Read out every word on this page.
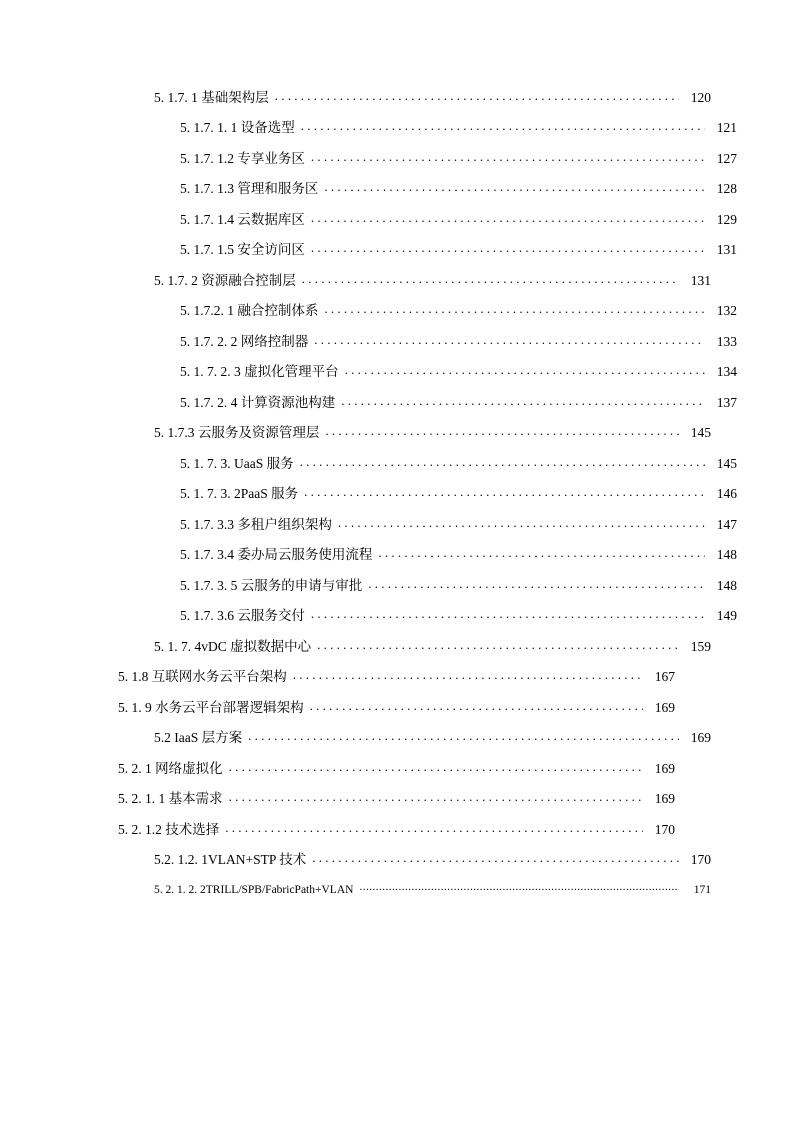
5. 1.7. 1 基础架构层 . . .	120
5. 1.7. 1. 1 设备选型 . . .	121
5. 1.7. 1.2 专享业务区 . . .	127
5. 1.7. 1.3 管理和服务区 . . .	128
5. 1.7. 1.4 云数据库区 . . .	129
5. 1.7. 1.5 安全访问区 . . .	131
5. 1.7. 2 资源融合控制层 . . .	131
5. 1.7.2. 1 融合控制体系 . . .	132
5. 1.7. 2. 2 网络控制器 . . .	133
5. 1. 7. 2. 3 虚拟化管理平台 . . .	134
5. 1.7. 2. 4 计算资源池构建 . . .	137
5. 1.7.3 云服务及资源管理层 . . .	145
5. 1. 7. 3. UaaS 服务 . . .	145
5. 1. 7. 3. 2PaaS 服务 . . .	146
5. 1.7. 3.3 多租户组织架构 . . .	147
5. 1.7. 3.4 委办局云服务使用流程 . . .	148
5. 1.7. 3. 5 云服务的申请与审批 . . .	148
5. 1.7. 3.6 云服务交付 . . .	149
5. 1. 7. 4vDC 虚拟数据中心 . . .	159
5. 1.8 互联网水务云平台架构 . . .	167
5. 1. 9 水务云平台部署逻辑架构 . . .	169
5.2 IaaS 层方案 . . .	169
5. 2. 1 网络虚拟化 . . .	169
5. 2. 1. 1 基本需求 . . .	169
5. 2. 1.2 技术选择 . . .	170
5.2. 1.2. 1VLAN+STP 技术 . . .	170
5. 2. 1. 2. 2TRILL/SPB/FabricPath+VLAN .....	171
